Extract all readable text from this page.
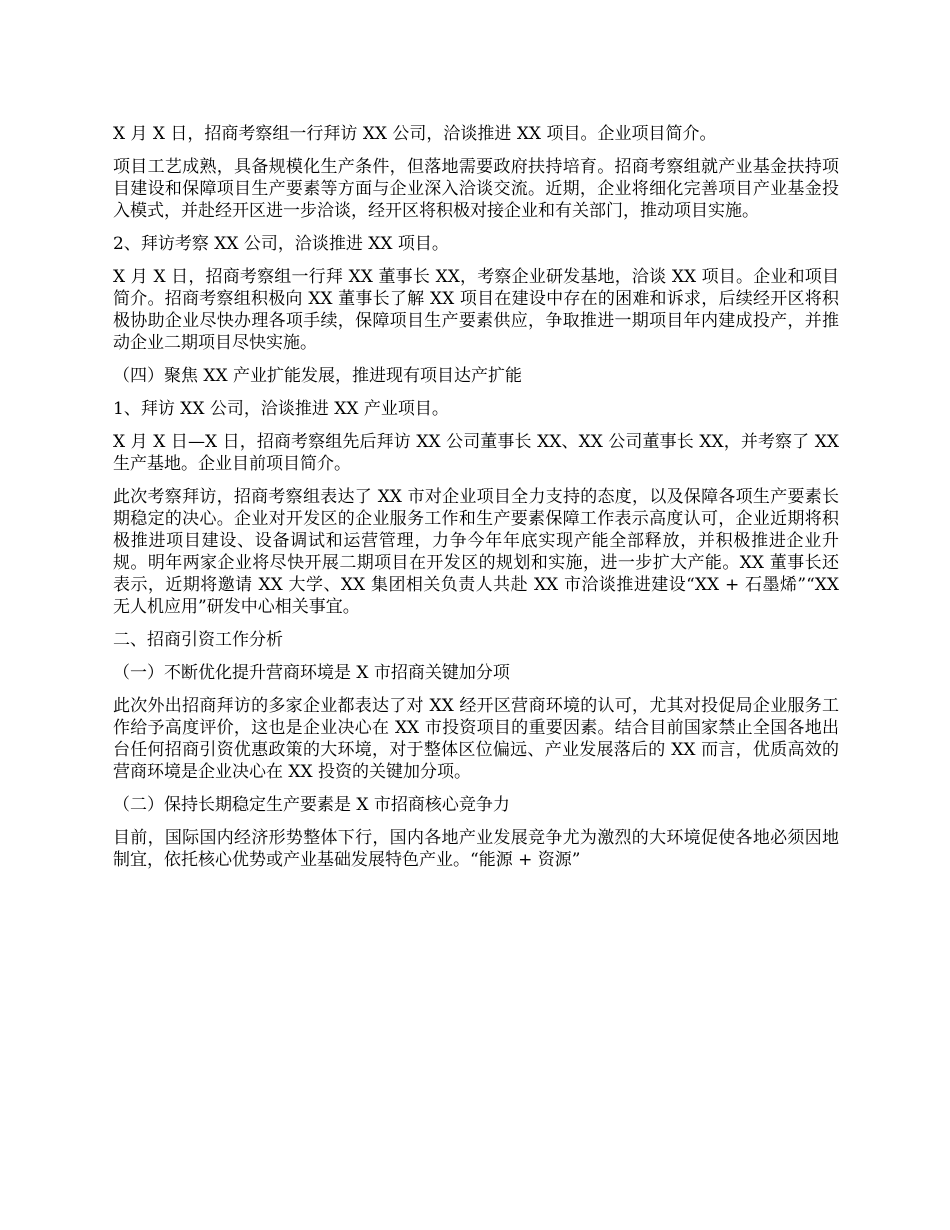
X 月 X 日，招商考察组一行拜访 XX 公司，洽谈推进 XX 项目。企业项目简介。

项目工艺成熟，具备规模化生产条件，但落地需要政府扶持培育。招商考察组就产业基金扶持项目建设和保障项目生产要素等方面与企业深入洽谈交流。近期，企业将细化完善项目产业基金投入模式，并赴经开区进一步洽谈，经开区将积极对接企业和有关部门，推动项目实施。

2、拜访考察 XX 公司，洽谈推进 XX 项目。

X 月 X 日，招商考察组一行拜 XX 董事长 XX，考察企业研发基地，洽谈 XX 项目。企业和项目简介。招商考察组积极向 XX 董事长了解 XX 项目在建设中存在的困难和诉求，后续经开区将积极协助企业尽快办理各项手续，保障项目生产要素供应，争取推进一期项目年内建成投产，并推动企业二期项目尽快实施。

（四）聚焦 XX 产业扩能发展，推进现有项目达产扩能

1、拜访 XX 公司，洽谈推进 XX 产业项目。

X 月 X 日—X 日，招商考察组先后拜访 XX 公司董事长 XX、XX 公司董事长 XX，并考察了 XX 生产基地。企业目前项目简介。

此次考察拜访，招商考察组表达了 XX 市对企业项目全力支持的态度，以及保障各项生产要素长期稳定的决心。企业对开发区的企业服务工作和生产要素保障工作表示高度认可，企业近期将积极推进项目建设、设备调试和运营管理，力争今年年底实现产能全部释放，并积极推进企业升规。明年两家企业将尽快开展二期项目在开发区的规划和实施，进一步扩大产能。XX 董事长还表示，近期将邀请 XX 大学、XX 集团相关负责人共赴 XX 市洽谈推进建设“XX + 石墨烯”“XX 无人机应用”研发中心相关事宜。

二、招商引资工作分析

（一）不断优化提升营商环境是 X 市招商关键加分项

此次外出招商拜访的多家企业都表达了对 XX 经开区营商环境的认可，尤其对投促局企业服务工作给予高度评价，这也是企业决心在 XX 市投资项目的重要因素。结合目前国家禁止全国各地出台任何招商引资优惠政策的大环境，对于整体区位偏远、产业发展落后的 XX 而言，优质高效的营商环境是企业决心在 XX 投资的关键加分项。

（二）保持长期稳定生产要素是 X 市招商核心竞争力

目前，国际国内经济形势整体下行，国内各地产业发展竞争尤为激烈的大环境促使各地必须因地制宜，依托核心优势或产业基础发展特色产业。“能源 + 资源”
